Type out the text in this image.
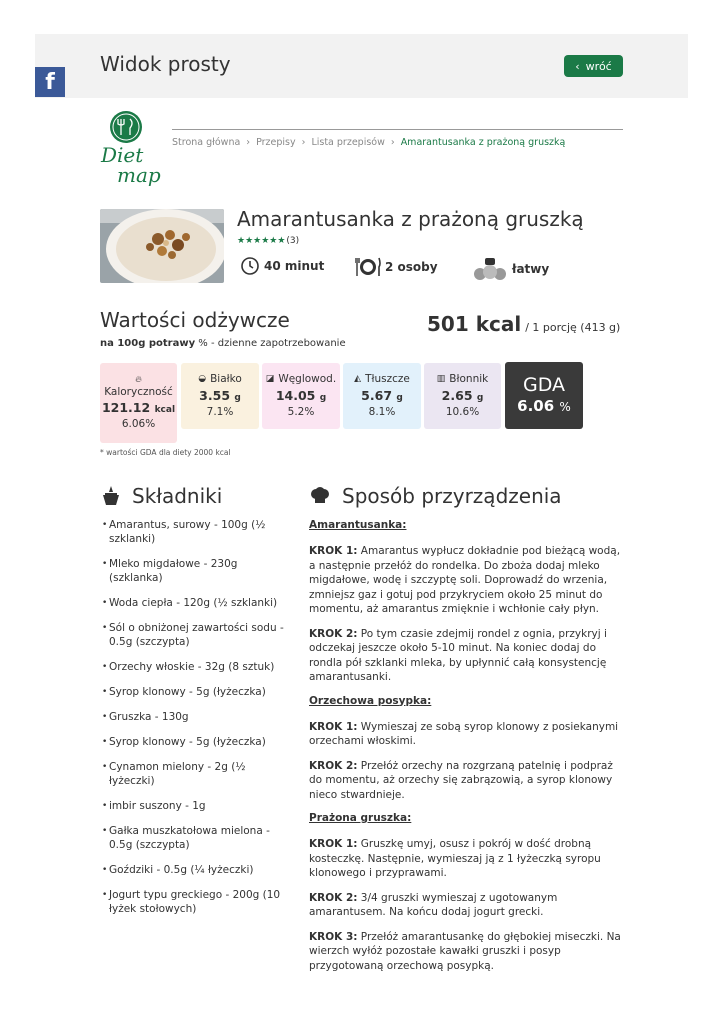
Widok prosty	‹ wróć
f
Diet
map
Strona główna › Przepisy › Lista przepisów › Amarantusanka z prażoną gruszką
Amarantusanka z prażoną gruszką
★★★★★★ (3)
40 minut	2 osoby	łatwy
Wartości odżywcze	501 kcal / 1 porcję (413 g)
na 100g potrawy % - dzienne zapotrzebowanie
🔥︎
Kaloryczność
121.12 kcal
6.06%
◒ Białko
3.55 g
7.1%
◪ Węglowod.
14.05 g
5.2%
◭ Tłuszcze
5.67 g
8.1%
▥ Błonnik
2.65 g
10.6%
GDA
6.06 %
* wartości GDA dla diety 2000 kcal
Składniki
• Amarantus, surowy - 100g (½ szklanki)
• Mleko migdałowe - 230g (szklanka)
• Woda ciepła - 120g (½ szklanki)
• Sól o obniżonej zawartości sodu - 0.5g (szczypta)
• Orzechy włoskie - 32g (8 sztuk)
• Syrop klonowy - 5g (łyżeczka)
• Gruszka - 130g
• Syrop klonowy - 5g (łyżeczka)
• Cynamon mielony - 2g (½ łyżeczki)
• imbir suszony - 1g
• Gałka muszkatołowa mielona - 0.5g (szczypta)
• Goździki - 0.5g (¼ łyżeczki)
• Jogurt typu greckiego - 200g (10 łyżek stołowych)
Sposób przyrządzenia
Amarantusanka:

KROK 1: Amarantus wypłucz dokładnie pod bieżącą wodą, a następnie przełóż do rondelka. Do zboża dodaj mleko migdałowe, wodę i szczyptę soli. Doprowadź do wrzenia, zmniejsz gaz i gotuj pod przykryciem około 25 minut do momentu, aż amarantus zmięknie i wchłonie cały płyn.

KROK 2: Po tym czasie zdejmij rondel z ognia, przykryj i odczekaj jeszcze około 5-10 minut. Na koniec dodaj do rondla pół szklanki mleka, by upłynnić całą konsystencję amarantusanki.

Orzechowa posypka:

KROK 1: Wymieszaj ze sobą syrop klonowy z posiekanymi orzechami włoskimi.

KROK 2: Przełóż orzechy na rozgrzaną patelnię i podpraż do momentu, aż orzechy się zabrązowią, a syrop klonowy nieco stwardnieje.

Prażona gruszka:

KROK 1: Gruszkę umyj, osusz i pokrój w dość drobną kosteczkę. Następnie, wymieszaj ją z 1 łyżeczką syropu klonowego i przyprawami.

KROK 2: 3/4 gruszki wymieszaj z ugotowanym amarantusem. Na końcu dodaj jogurt grecki.

KROK 3: Przełóż amarantusankę do głębokiej miseczki. Na wierzch wyłóż pozostałe kawałki gruszki i posyp przygotowaną orzechową posypką.
